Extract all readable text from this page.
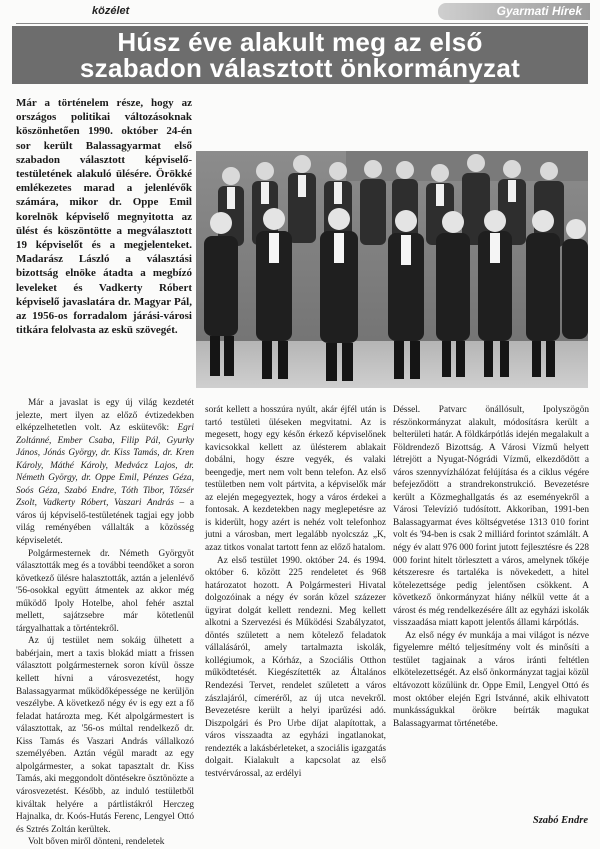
közélet	Gyarmati Hírek
Húsz éve alakult meg az első
szabadon választott önkormányzat
Már a történelem része, hogy az országos politikai változásoknak köszönhetően 1990. október 24-én sor került Balassagyarmat első szabadon választott képviselő-testületének alakuló ülésére. Örökké emlékezetes marad a jelenlévők számára, mikor dr. Oppe Emil korelnök képviselő megnyitotta az ülést és köszöntötte a megválasztott 19 képviselőt és a megjelenteket. Madarász László a választási bizottság elnöke átadta a megbízó leveleket és Vadkerty Róbert képviselő javaslatára dr. Magyar Pál, az 1956-os forradalom járási-városi titkára felolvasta az eskü szövegét.

Már a javaslat is egy új világ kezdetét jelezte, mert ilyen az előző évtizedekben elképzelhetetlen volt. Az eskütevők: Egri Zoltánné, Ember Csaba, Filip Pál, Gyurky János, Jónás György, dr. Kiss Tamás, dr. Kren Károly, Máthé Károly, Medvácz Lajos, dr. Németh György, dr. Oppe Emil, Pénzes Géza, Soós Géza, Szabó Endre, Tóth Tibor, Tőzsér Zsolt, Vadkerty Róbert, Vaszari András – a város új képviselő-testületének tagjai egy jobb világ reményében vállalták a közösség képviseletét.

Polgármesternek dr. Németh Györgyöt választották meg és a további teendőket a soron következő ülésre halasztották, aztán a jelenlévő '56-osokkal együtt átmentek az akkor még működő Ipoly Hotelbe, ahol fehér asztal mellett, sajátzsebre már kötetlenül tárgyalhattak a történtekről.

Az új testület nem sokáig ülhetett a babérjain, mert a taxis blokád miatt a frissen választott polgármesternek soron kívül össze kellett hívni a városvezetést, hogy Balassagyarmat működőképessége ne kerüljön veszélybe. A következő négy év is egy ezt a fő feladat határozta meg. Két alpolgármestert is választottak, az '56-os múltal rendelkező dr. Kiss Tamás és Vaszari András vállalkozó személyében. Aztán végül maradt az egy alpolgármester, a sokat tapasztalt dr. Kiss Tamás, aki meggondolt döntésekre ösztönözte a városvezetést. Később, az induló testületből kiváltak helyére a pártlistákról Herczeg Hajnalka, dr. Koós-Hutás Ferenc, Lengyel Ottó és Sztrés Zoltán kerültek.

Volt bőven miről dönteni, rendeletek

sorát kellett a hosszúra nyúlt, akár éjfél után is tartó testületi üléseken megvitatni. Az is megesett, hogy egy későn érkező képviselőnek kavicsokkal kellett az ülésterem ablakait dobálni, hogy észre vegyék, és valaki beengedje, mert nem volt benn telefon. Az első testületben nem volt pártvita, a képviselők már az elején megegyeztek, hogy a város érdekei a fontosak. A kezdetekben nagy meglepetésre az is kiderült, hogy azért is nehéz volt telefonhoz jutni a városban, mert legalább nyolcszáz „K, azaz titkos vonalat tartott fenn az előző hatalom.

Az első testület 1990. október 24. és 1994. október 6. között 225 rendeletet és 968 határozatot hozott. A Polgármesteri Hivatal dolgozóinak a négy év során közel százezer ügyirat dolgát kellett rendezni. Meg kellett alkotni a Szervezési és Működési Szabályzatot, döntés született a nem kötelező feladatok vállalásáról, amely tartalmazta iskolák, kollégiumok, a Kórház, a Szociális Otthon működtetését. Kiegészítették az Általános Rendezési Tervet, rendelet született a város zászlajáról, címeréről, az új utca nevekről. Bevezetésre került a helyi iparűzési adó. Diszpolgári és Pro Urbe díjat alapítottak, a város visszaadta az egyházi ingatlanokat, rendezték a lakásbérleteket, a szociális igazgatás dolgait. Kialakult a kapcsolat az első testvérvárossal, az erdélyi

Déssel. Patvarc önállósult, Ipolyszögön részönkormányzat alakult, módosításra került a belterületi határ. A földkárpótlás idején megalakult a Földrendező Bizottság. A Városi Vízmű helyett létrejött a Nyugat-Nógrádi Vízmű, elkezdődött a város szennyvízhálózat felújítása és a ciklus végére befejeződött a strandrekonstrukció. Bevezetésre került a Közmeghallgatás és az eseményekről a Városi Televízió tudósított. Akkoriban, 1991-ben Balassagyarmat éves költségvetése 1313 010 forint volt és '94-ben is csak 2 milliárd forintot számlált. A négy év alatt 976 000 forint jutott fejlesztésre és 228 000 forint hitelt törlesztett a város, amelynek tőkéje kétszeresre és tartaléka is növekedett, a hitel kötelezettsége pedig jelentősen csökkent. A következő önkormányzat hiány nélkül vette át a várost és még rendelkezésére állt az egyházi iskolák visszaadása miatt kapott jelentős állami kárpótlás.

Az első négy év munkája a mai világot is nézve figyelemre méltó teljesítmény volt és minősíti a testület tagjainak a város iránti feltétlen elkötelezettségét. Az első önkormányzat tagjai közül eltávozott közülünk dr. Oppe Emil, Lengyel Ottó és most október elején Egri Istvánné, akik elhivatott munkásságukkal örökre beírták magukat Balassagyarmat történetébe.

Szabó Endre
